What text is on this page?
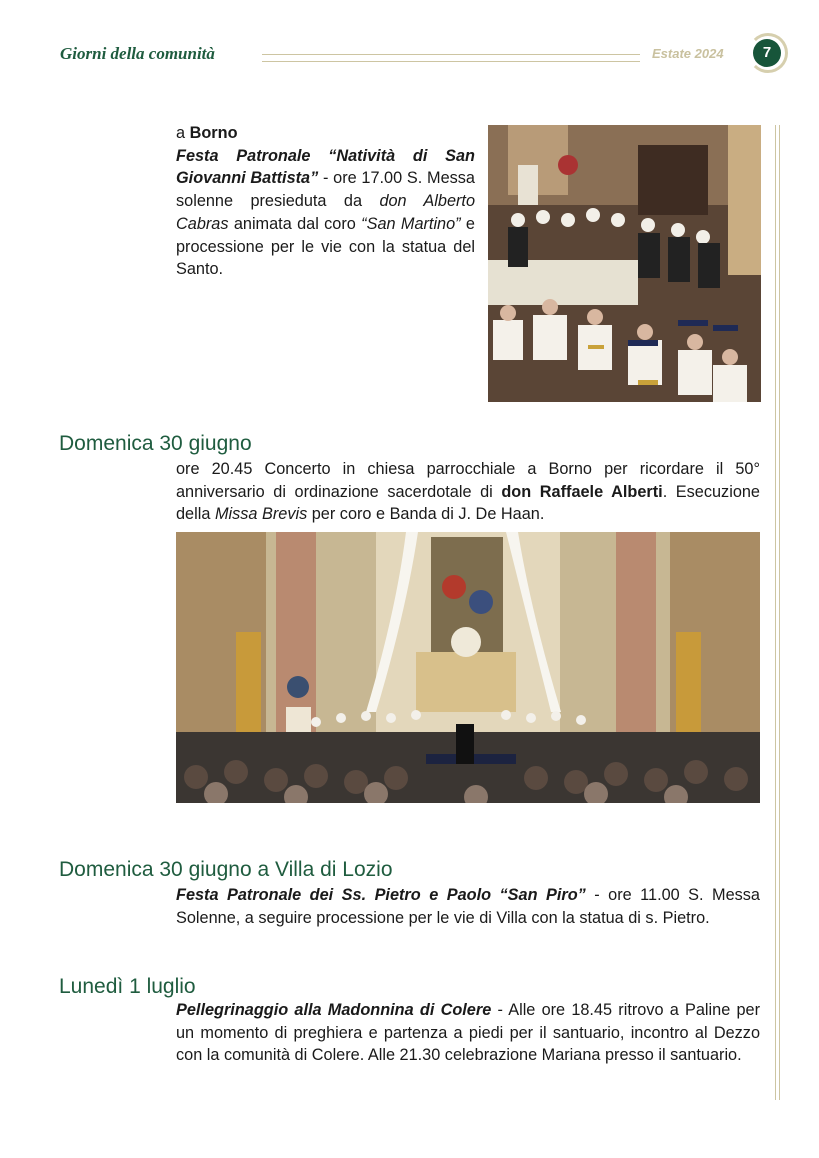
Giorni della comunità	Estate 2024	7

a Borno
Festa Patronale “Natività di San Giovanni Battista” - ore 17.00 S. Messa solenne presieduta da don Alberto Cabras animata dal coro “San Martino” e processione per le vie con la statua del Santo.

Domenica 30 giugno

ore 20.45 Concerto in chiesa parrocchiale a Borno per ricordare il 50° anniversario di ordinazione sacerdotale di don Raffaele Alberti. Esecuzione della Missa Brevis per coro e Banda di J. De Haan.

Domenica 30 giugno a Villa di Lozio

Festa Patronale dei Ss. Pietro e Paolo “San Piro” - ore 11.00 S. Messa Solenne, a seguire processione per le vie di Villa con la statua di s. Pietro.

Lunedì 1 luglio

Pellegrinaggio alla Madonnina di Colere - Alle ore 18.45 ritrovo a Paline per un momento di preghiera e partenza a piedi per il santuario, incontro al Dezzo con la comunità di Colere. Alle 21.30 celebrazione Mariana presso il santuario.
